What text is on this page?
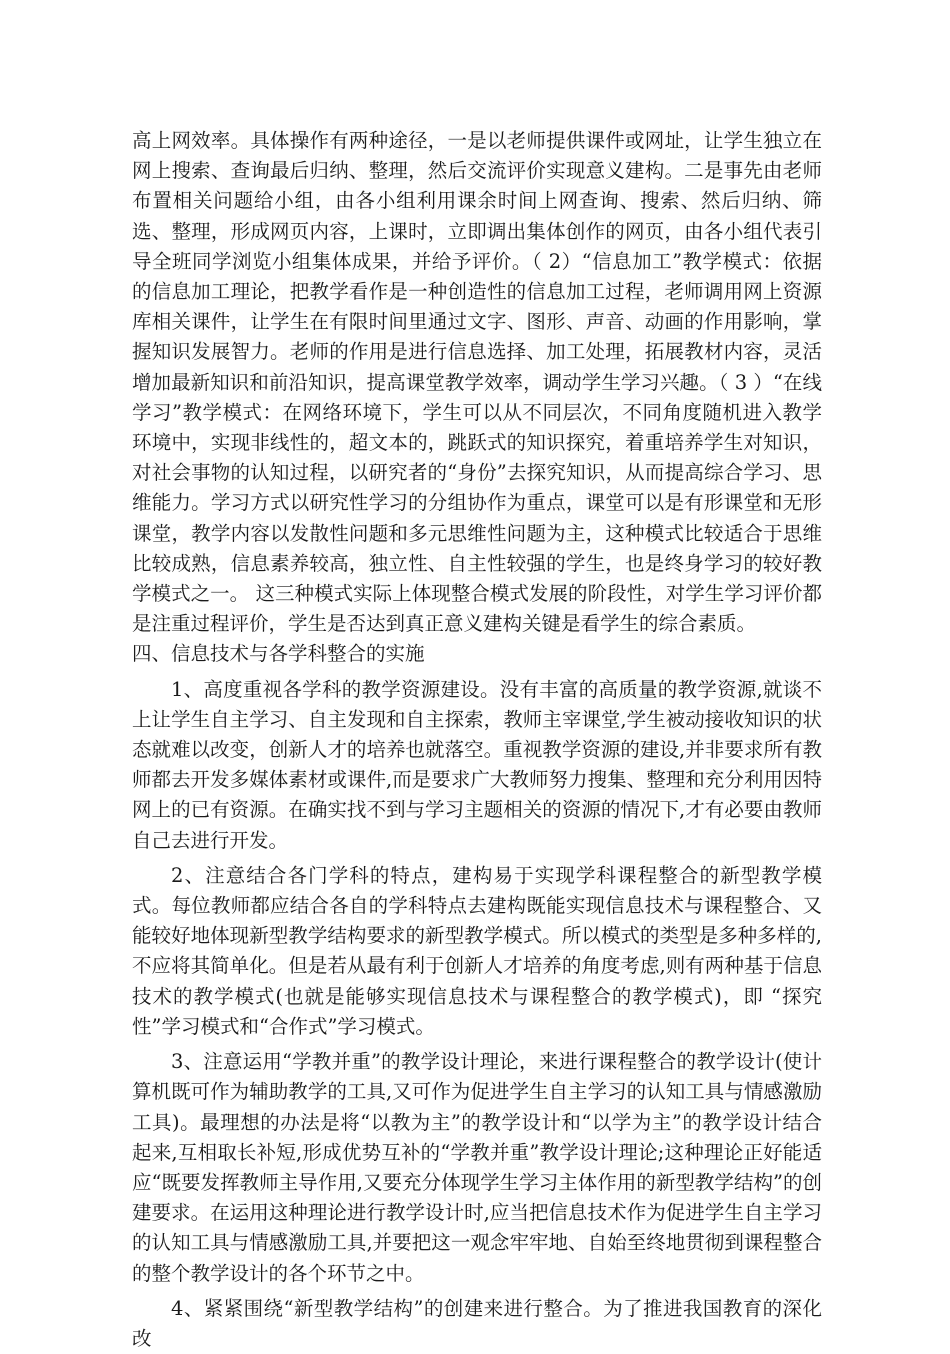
高上网效率。具体操作有两种途径，一是以老师提供课件或网址，让学生独立在网上搜索、查询最后归纳、整理，然后交流评价实现意义建构。二是事先由老师布置相关问题给小组，由各小组利用课余时间上网查询、搜索、然后归纳、筛选、整理，形成网页内容，上课时，立即调出集体创作的网页，由各小组代表引导全班同学浏览小组集体成果，并给予评价。（ 2）“信息加工”教学模式：依据的信息加工理论，把教学看作是一种创造性的信息加工过程，老师调用网上资源库相关课件，让学生在有限时间里通过文字、图形、声音、动画的作用影响，掌握知识发展智力。老师的作用是进行信息选择、加工处理，拓展教材内容，灵活增加最新知识和前沿知识，提高课堂教学效率，调动学生学习兴趣。（ 3 ）“在线学习”教学模式：在网络环境下，学生可以从不同层次，不同角度随机进入教学环境中，实现非线性的，超文本的，跳跃式的知识探究，着重培养学生对知识，对社会事物的认知过程，以研究者的“身份”去探究知识，从而提高综合学习、思维能力。学习方式以研究性学习的分组协作为重点，课堂可以是有形课堂和无形课堂，教学内容以发散性问题和多元思维性问题为主，这种模式比较适合于思维比较成熟，信息素养较高，独立性、自主性较强的学生，也是终身学习的较好教学模式之一。 这三种模式实际上体现整合模式发展的阶段性，对学生学习评价都是注重过程评价，学生是否达到真正意义建构关键是看学生的综合素质。

四、信息技术与各学科整合的实施

1、高度重视各学科的教学资源建设。没有丰富的高质量的教学资源,就谈不上让学生自主学习、自主发现和自主探索，教师主宰课堂,学生被动接收知识的状态就难以改变，创新人才的培养也就落空。重视教学资源的建设,并非要求所有教师都去开发多媒体素材或课件,而是要求广大教师努力搜集、整理和充分利用因特网上的已有资源。在确实找不到与学习主题相关的资源的情况下,才有必要由教师自己去进行开发。

2、注意结合各门学科的特点，建构易于实现学科课程整合的新型教学模式。每位教师都应结合各自的学科特点去建构既能实现信息技术与课程整合、又能较好地体现新型教学结构要求的新型教学模式。所以模式的类型是多种多样的,不应将其简单化。但是若从最有利于创新人才培养的角度考虑,则有两种基于信息技术的教学模式(也就是能够实现信息技术与课程整合的教学模式)，即 “探究性”学习模式和“合作式”学习模式。

3、注意运用“学教并重”的教学设计理论，来进行课程整合的教学设计(使计算机既可作为辅助教学的工具,又可作为促进学生自主学习的认知工具与情感激励工具)。最理想的办法是将“以教为主”的教学设计和“以学为主”的教学设计结合起来,互相取长补短,形成优势互补的“学教并重”教学设计理论;这种理论正好能适应“既要发挥教师主导作用,又要充分体现学生学习主体作用的新型教学结构”的创建要求。在运用这种理论进行教学设计时,应当把信息技术作为促进学生自主学习的认知工具与情感激励工具,并要把这一观念牢牢地、自始至终地贯彻到课程整合的整个教学设计的各个环节之中。

4、紧紧围绕“新型教学结构”的创建来进行整合。为了推进我国教育的深化改
